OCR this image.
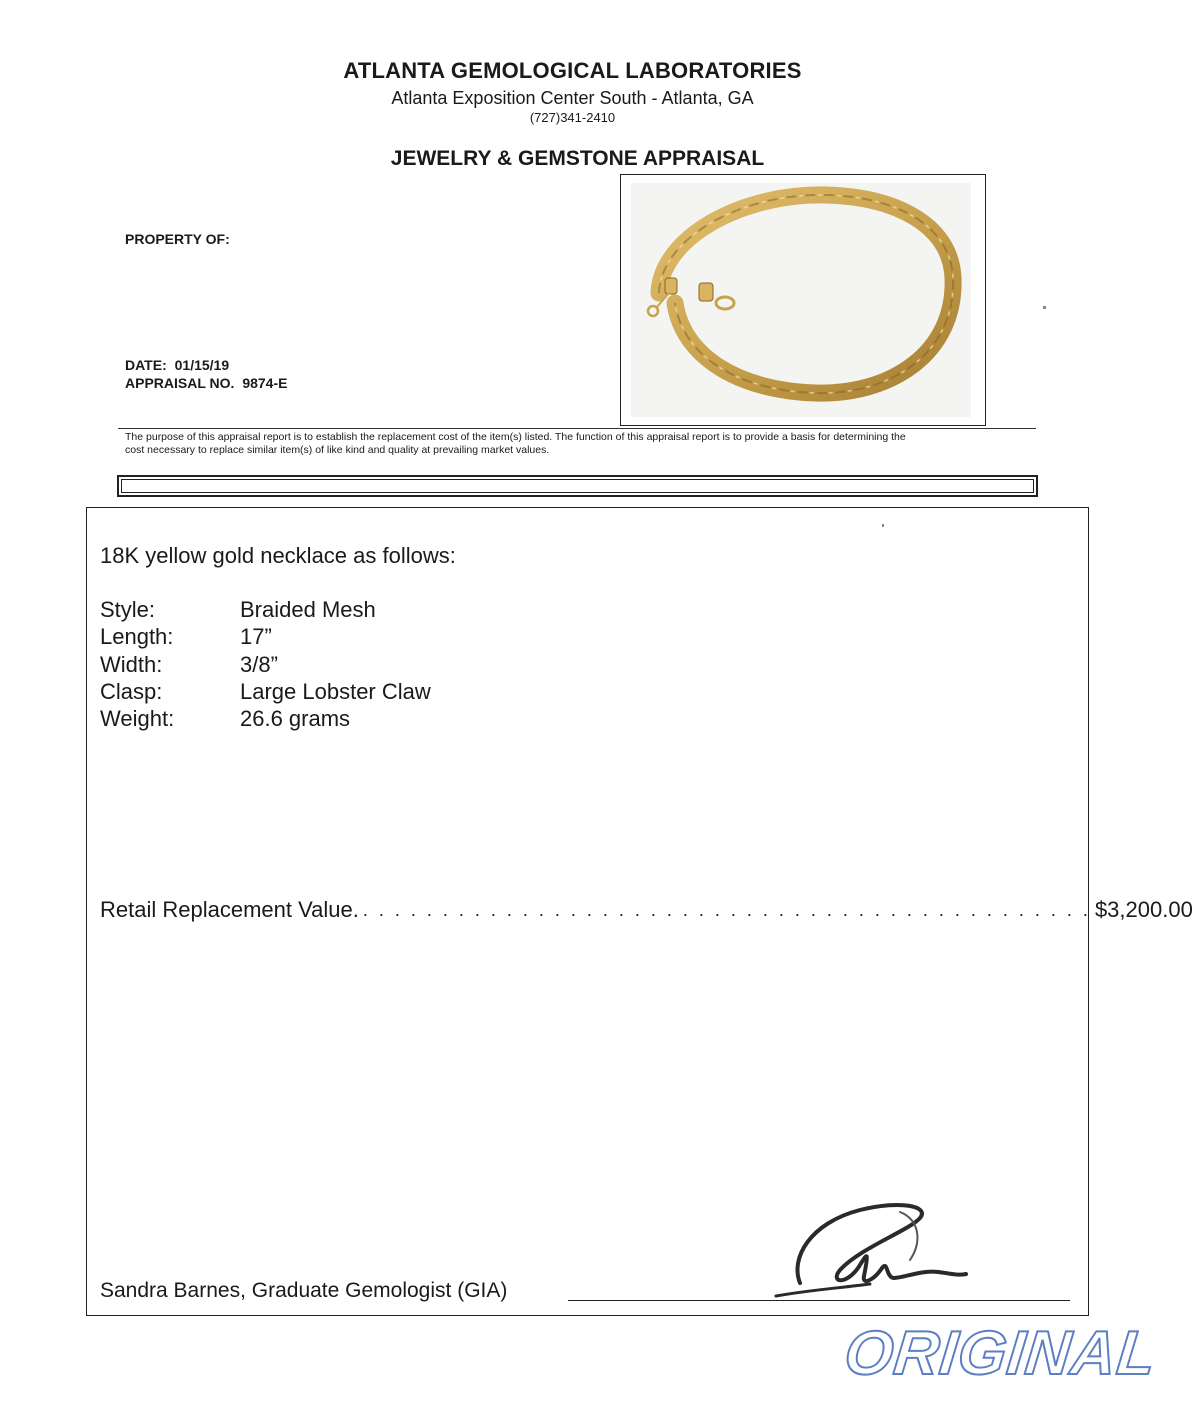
ATLANTA GEMOLOGICAL LABORATORIES
Atlanta Exposition Center South - Atlanta, GA
(727)341-2410
JEWELRY & GEMSTONE APPRAISAL
PROPERTY OF:
DATE: 01/15/19
APPRAISAL NO. 9874-E
The purpose of this appraisal report is to establish the replacement cost of the item(s) listed. The function of this appraisal report is to provide a basis for determining the
cost necessary to replace similar item(s) of like kind and quality at prevailing market values.
18K yellow gold necklace as follows:
Style:	Braided Mesh
Length:	17”
Width:	3/8”
Clasp:	Large Lobster Claw
Weight:	26.6 grams
Retail Replacement Value. . . . . . . . . . . . . . . . . . . . . . . . . . . . . . . . . . . . . . . . . . . . . . . $3,200.00
Sandra Barnes, Graduate Gemologist (GIA)
ORIGINAL
